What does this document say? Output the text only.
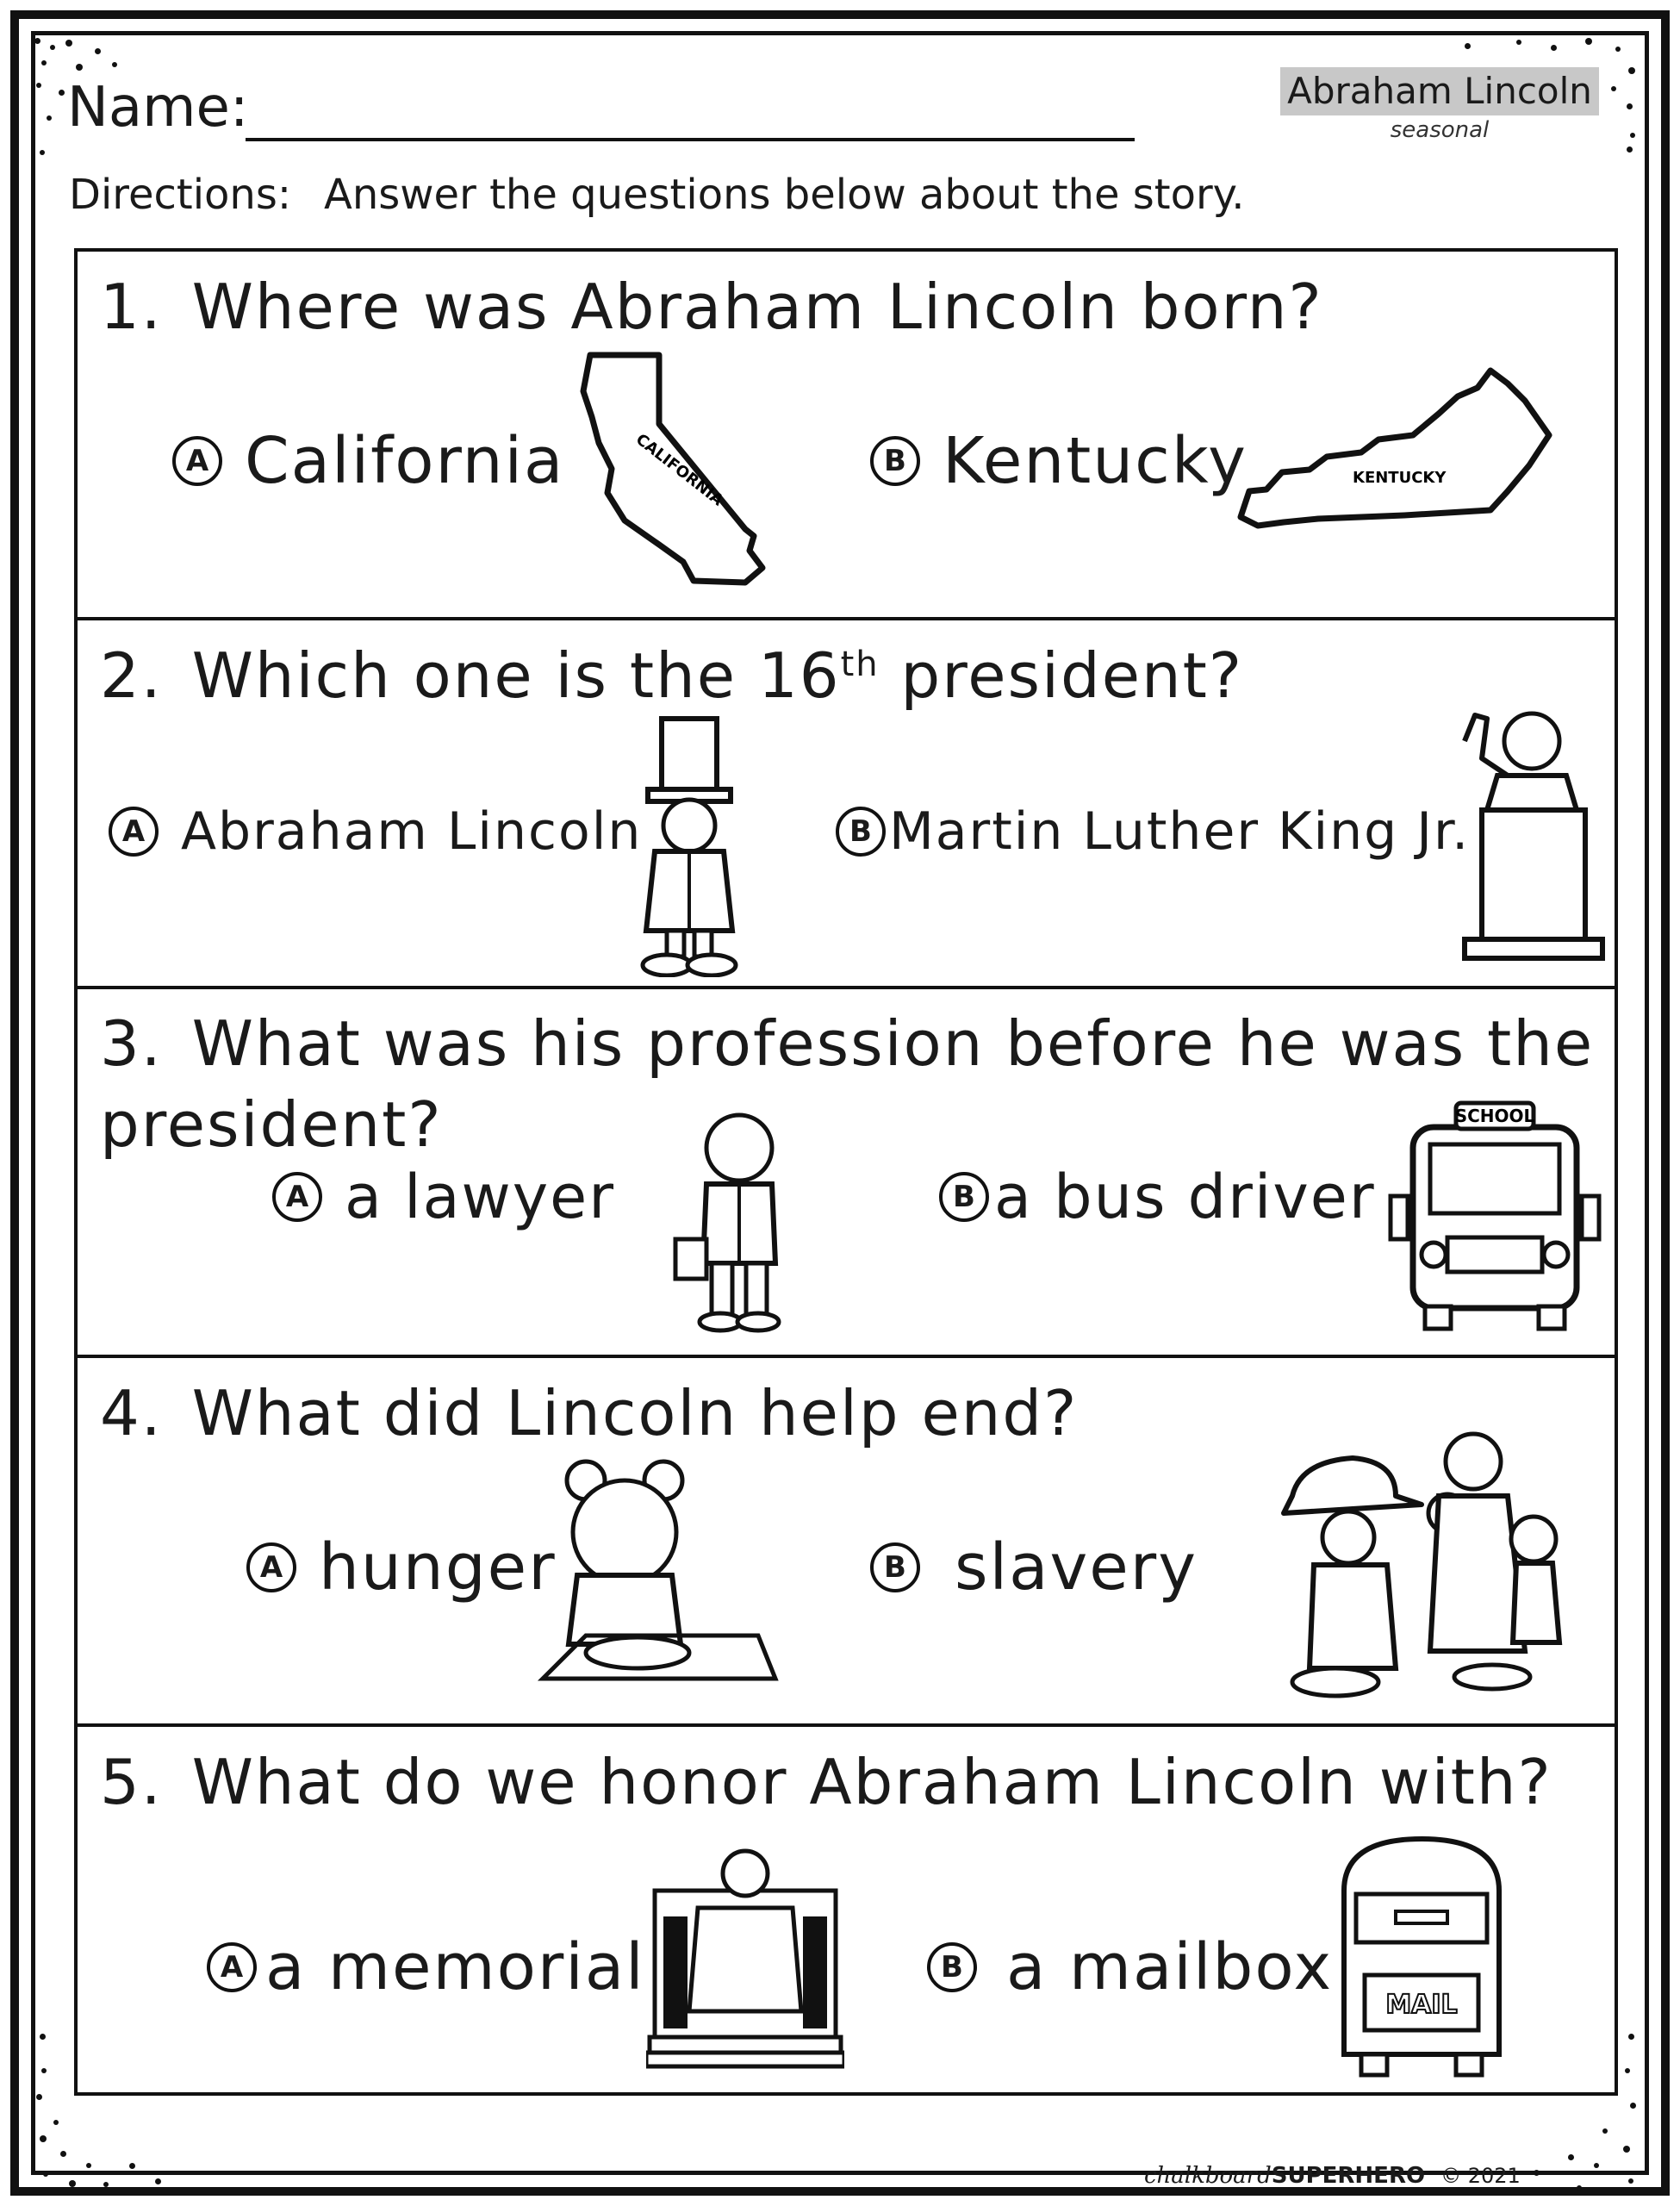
Name:	Abraham Lincoln
seasonal
Directions: Answer the questions below about the story.
1. Where was Abraham Lincoln born?
A California	CALIFORNIA	B Kentucky	KENTUCKY
2. Which one is the 16th president?
A Abraham Lincoln	B Martin Luther King Jr.
3. What was his profession before he was the
president?
A a lawyer	B a bus driver
SCHOOL
4. What did Lincoln help end?
A hunger	B slavery
5. What do we honor Abraham Lincoln with?
A a memorial	B a mailbox
MAIL
chalkboardSUPERHERO © 2021
